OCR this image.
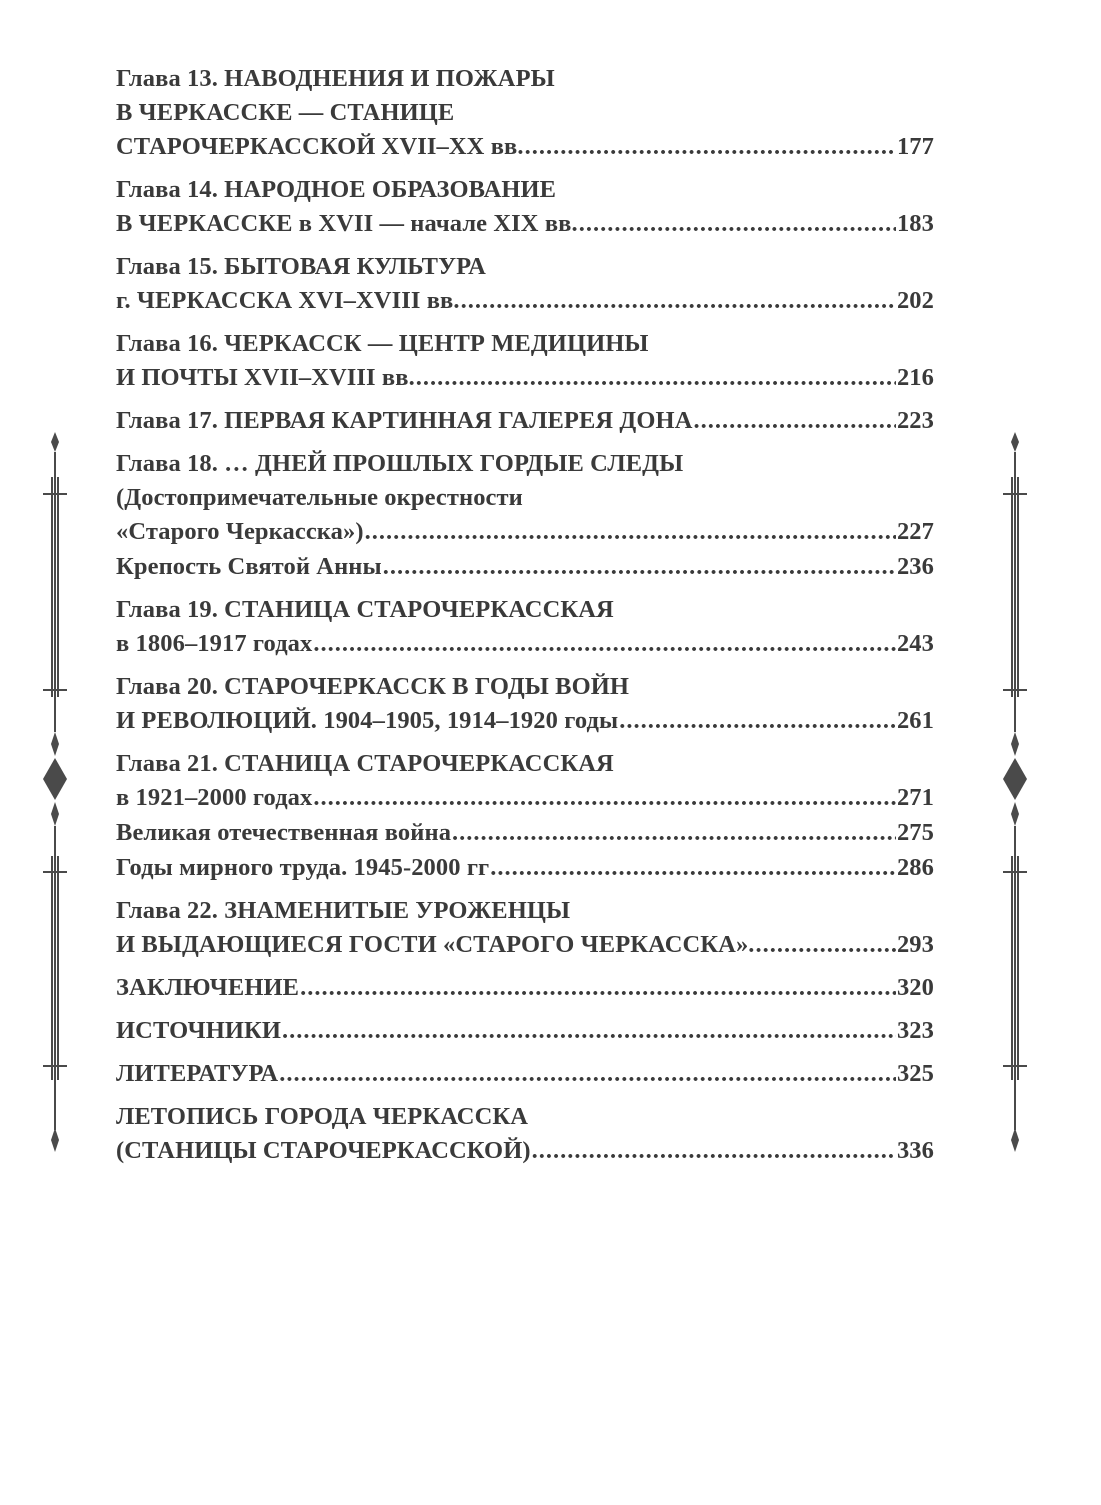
Глава 13. НАВОДНЕНИЯ И ПОЖАРЫ
В ЧЕРКАССКЕ — СТАНИЦЕ
СТАРОЧЕРКАССКОЙ XVII–XX вв. .....	177
Глава 14. НАРОДНОЕ ОБРАЗОВАНИЕ
В ЧЕРКАССКЕ в XVII — начале XIX вв. .....	183
Глава 15. БЫТОВАЯ КУЛЬТУРА
г. ЧЕРКАССКА XVI–XVIII вв. .....	202
Глава 16. ЧЕРКАССК — ЦЕНТР МЕДИЦИНЫ
И ПОЧТЫ XVII–XVIII вв. .....	216
Глава 17. ПЕРВАЯ КАРТИННАЯ ГАЛЕРЕЯ ДОНА .....	223
Глава 18. … ДНЕЙ ПРОШЛЫХ ГОРДЫЕ СЛЕДЫ
(Достопримечательные окрестности
«Старого Черкасска») .....	227
Крепость Святой Анны .....	236
Глава 19. СТАНИЦА СТАРОЧЕРКАССКАЯ
в 1806–1917 годах .....	243
Глава 20. СТАРОЧЕРКАССК В ГОДЫ ВОЙН
И РЕВОЛЮЦИЙ. 1904–1905, 1914–1920 годы .....	261
Глава 21. СТАНИЦА СТАРОЧЕРКАССКАЯ
в 1921–2000 годах .....	271
Великая отечественная война .....	275
Годы мирного труда. 1945-2000 гг .....	286
Глава 22. ЗНАМЕНИТЫЕ УРОЖЕНЦЫ
И ВЫДАЮЩИЕСЯ ГОСТИ «СТАРОГО ЧЕРКАССКА». .....	293
ЗАКЛЮЧЕНИЕ .....	320
ИСТОЧНИКИ .....	323
ЛИТЕРАТУРА .....	325
ЛЕТОПИСЬ ГОРОДА ЧЕРКАССКА
(СТАНИЦЫ СТАРОЧЕРКАССКОЙ) .....	336
